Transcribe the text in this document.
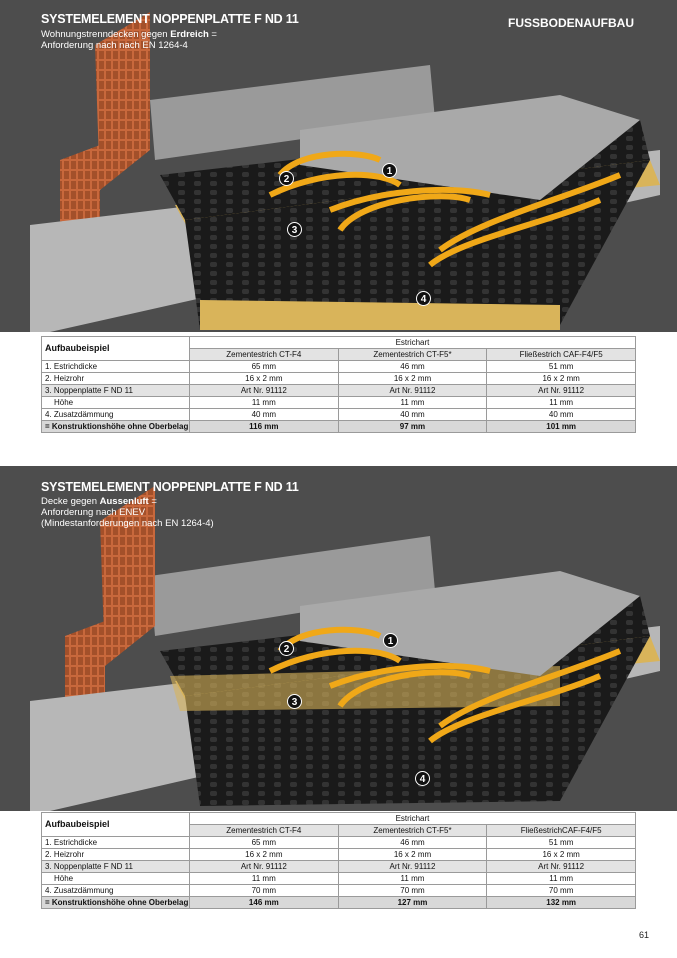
SYSTEMELEMENT NOPPENPLATTE F ND 11
Wohnungstrenndecken gegen Erdreich =
Anforderung nach nach EN 1264-4
FUSSBODENAUFBAU
1
2
3
4
Aufbaubeispiel	Estrichart		
	Zementestrich CT-F4	Zementestrich CT-F5*	Fließestrich CAF-F4/F5
1. Estrichdicke	65 mm	46 mm	51 mm
2. Heizrohr	16 x 2 mm	16 x 2 mm	16 x 2 mm
3. Noppenplatte F ND 11	Art Nr. 91112	Art Nr. 91112	Art Nr. 91112
Höhe	11 mm	11 mm	11 mm
4. Zusatzdämmung	40 mm	40 mm	40 mm
= Konstruktionshöhe ohne Oberbelag	116 mm	97 mm	101 mm
SYSTEMELEMENT NOPPENPLATTE F ND 11
Decke gegen Aussenluft =
Anforderung nach ENEV
(Mindestanforderungen nach EN 1264-4)
1
2
3
4
Aufbaubeispiel	Estrichart		
	Zementestrich CT-F4	Zementestrich CT-F5*	FließestrichCAF-F4/F5
1. Estrichdicke	65 mm	46 mm	51 mm
2. Heizrohr	16 x 2 mm	16 x 2 mm	16 x 2 mm
3. Noppenplatte F ND 11	Art Nr. 91112	Art Nr. 91112	Art Nr. 91112
Höhe	11 mm	11 mm	11 mm
4. Zusatzdämmung	70 mm	70 mm	70 mm
= Konstruktionshöhe ohne Oberbelag	146 mm	127 mm	132 mm
61
